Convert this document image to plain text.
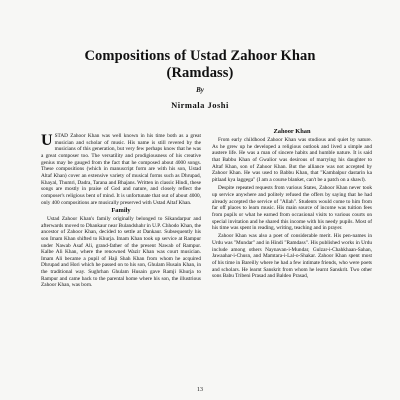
Compositions of Ustad Zahoor Khan
(Ramdass)
By
Nirmala Joshi

USTAD Zahoor Khan was well known in his time both as a great musician and scholar of music. His name is still revered by the musicians of this generation, but very few perhaps know that he was a great composer too. The versatility and prodigiousness of his creative genius may be gauged from the fact that he composed about 4000 songs. These compositions (which in manuscript form are with his son, Ustad Altaf Khan) cover an extensive variety of musical forms such as Dhrupad, Khayal, Thumri, Dadra, Tarana and Bhajans. Written in classic Hindi, these songs are mostly in praise of God and nature, and closely reflect the composer's religious bent of mind. It is unfortunate that out of about 4000, only 400 compositions are musically preserved with Ustad Altaf Khan.

Family

Ustad Zahoor Khan's family originally belonged to Sikandarpur and afterwards moved to Dhankaur near Bulandshahr in U.P. Chhodo Khan, the ancestor of Zahoor Khan, decided to settle at Dankaur. Subsequently his son Imam Khan shifted to Khurja. Imam Khan took up service at Rampur under Nawab Asaf Ali, grand-father of the present Nawab of Rampur. Kalbe Ali Khan, where the renowned Wazir Khan was court musician. Imam Ali became a pupil of Haji Shah Khan from whom he acquired Dhrupad and Hori which he passed on to his son, Ghulam Husain Khan, in the traditional way. Sughrhan Ghulam Husain gave Ramji Khurja to Rampur and came back to the parental home where his son, the illustrious Zahoor Khan, was born.

Zahoor Khan

From early childhood Zahoor Khan was studious and quiet by nature. As he grew up he developed a religious outlook and lived a simple and austere life. He was a man of sincere habits and humble nature. It is said that Babbu Khan of Gwalior was desirous of marrying his daughter to Altaf Khan, son of Zahoor Khan. But the alliance was not accepted by Zahoor Khan. He was used to Babbu Khan, that "Kambalpur dastarin ka pitlaad kya laggega" (I am a course blanket, can't be a patch on a shawl).

Despite repeated requests from various States, Zahoor Khan never took up service anywhere and politely refused the offers by saying that he had already accepted the service of "Allah". Students would come to him from far off places to learn music. His main source of income was tuition fees from pupils or what he earned from occasional visits to various courts on special invitation and he shared this income with his needy pupils. Most of his time was spent in reading, writing, teaching and in prayer.

Zahoor Khan was also a poet of considerable merit. His pen-names in Urdu was "Mundar" and in Hindi "Ramdass". His published works in Urdu include among others Naynavan-i-Mundar, Gulzar-i-Chahkhaan-Sahan, Jawaahar-i-Chusn, and Mamtara-i-Lal-o-Shakar. Zahoor Khan spent most of his time in Bareilly where he had a few intimate friends, who were poets and scholars. He learnt Sanskrit from whom he learnt Sanskrit. Two other sons Babu Tribeni Prasad and Baldeo Prasad,

13
